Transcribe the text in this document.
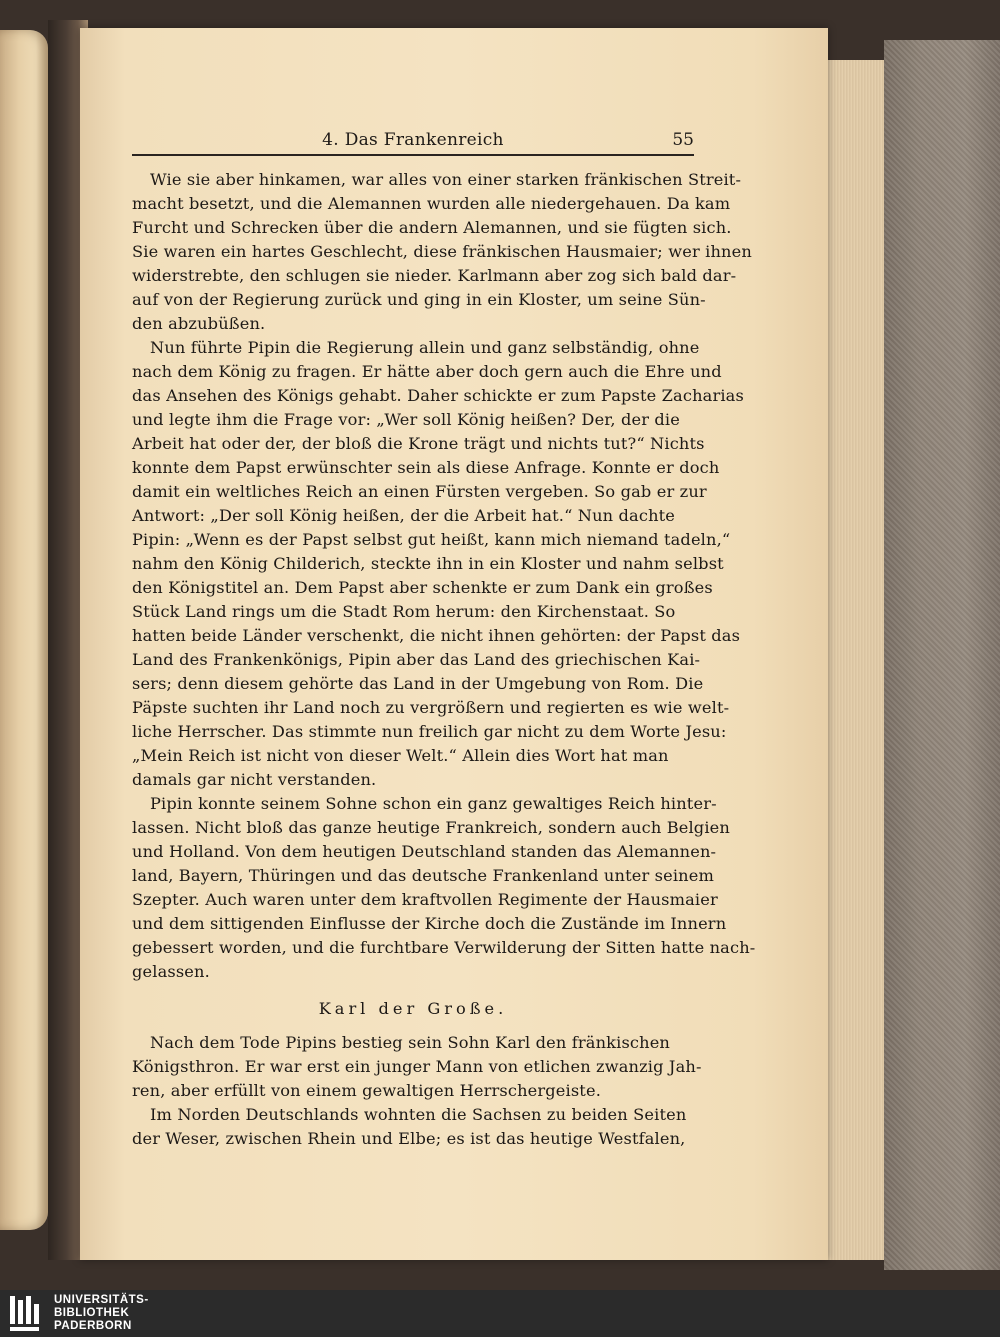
4. Das Frankenreich	55

Wie sie aber hinkamen, war alles von einer starken fränkischen Streit-
macht besetzt, und die Alemannen wurden alle niedergehauen. Da kam
Furcht und Schrecken über die andern Alemannen, und sie fügten sich.
Sie waren ein hartes Geschlecht, diese fränkischen Hausmaier; wer ihnen
widerstrebte, den schlugen sie nieder. Karlmann aber zog sich bald dar-
auf von der Regierung zurück und ging in ein Kloster, um seine Sün-
den abzubüßen.

Nun führte Pipin die Regierung allein und ganz selbständig, ohne
nach dem König zu fragen. Er hätte aber doch gern auch die Ehre und
das Ansehen des Königs gehabt. Daher schickte er zum Papste Zacharias
und legte ihm die Frage vor: „Wer soll König heißen? Der, der die
Arbeit hat oder der, der bloß die Krone trägt und nichts tut?“ Nichts
konnte dem Papst erwünschter sein als diese Anfrage. Konnte er doch
damit ein weltliches Reich an einen Fürsten vergeben. So gab er zur
Antwort: „Der soll König heißen, der die Arbeit hat.“ Nun dachte
Pipin: „Wenn es der Papst selbst gut heißt, kann mich niemand tadeln,“
nahm den König Childerich, steckte ihn in ein Kloster und nahm selbst
den Königstitel an. Dem Papst aber schenkte er zum Dank ein großes
Stück Land rings um die Stadt Rom herum: den Kirchenstaat. So
hatten beide Länder verschenkt, die nicht ihnen gehörten: der Papst das
Land des Frankenkönigs, Pipin aber das Land des griechischen Kai-
sers; denn diesem gehörte das Land in der Umgebung von Rom. Die
Päpste suchten ihr Land noch zu vergrößern und regierten es wie welt-
liche Herrscher. Das stimmte nun freilich gar nicht zu dem Worte Jesu:
„Mein Reich ist nicht von dieser Welt.“ Allein dies Wort hat man
damals gar nicht verstanden.

Pipin konnte seinem Sohne schon ein ganz gewaltiges Reich hinter-
lassen. Nicht bloß das ganze heutige Frankreich, sondern auch Belgien
und Holland. Von dem heutigen Deutschland standen das Alemannen-
land, Bayern, Thüringen und das deutsche Frankenland unter seinem
Szepter. Auch waren unter dem kraftvollen Regimente der Hausmaier
und dem sittigenden Einflusse der Kirche doch die Zustände im Innern
gebessert worden, und die furchtbare Verwilderung der Sitten hatte nach-
gelassen.

Karl der Große.

Nach dem Tode Pipins bestieg sein Sohn Karl den fränkischen
Königsthron. Er war erst ein junger Mann von etlichen zwanzig Jah-
ren, aber erfüllt von einem gewaltigen Herrschergeiste.

Im Norden Deutschlands wohnten die Sachsen zu beiden Seiten
der Weser, zwischen Rhein und Elbe; es ist das heutige Westfalen,

UNIVERSITÄTS-
BIBLIOTHEK
PADERBORN
